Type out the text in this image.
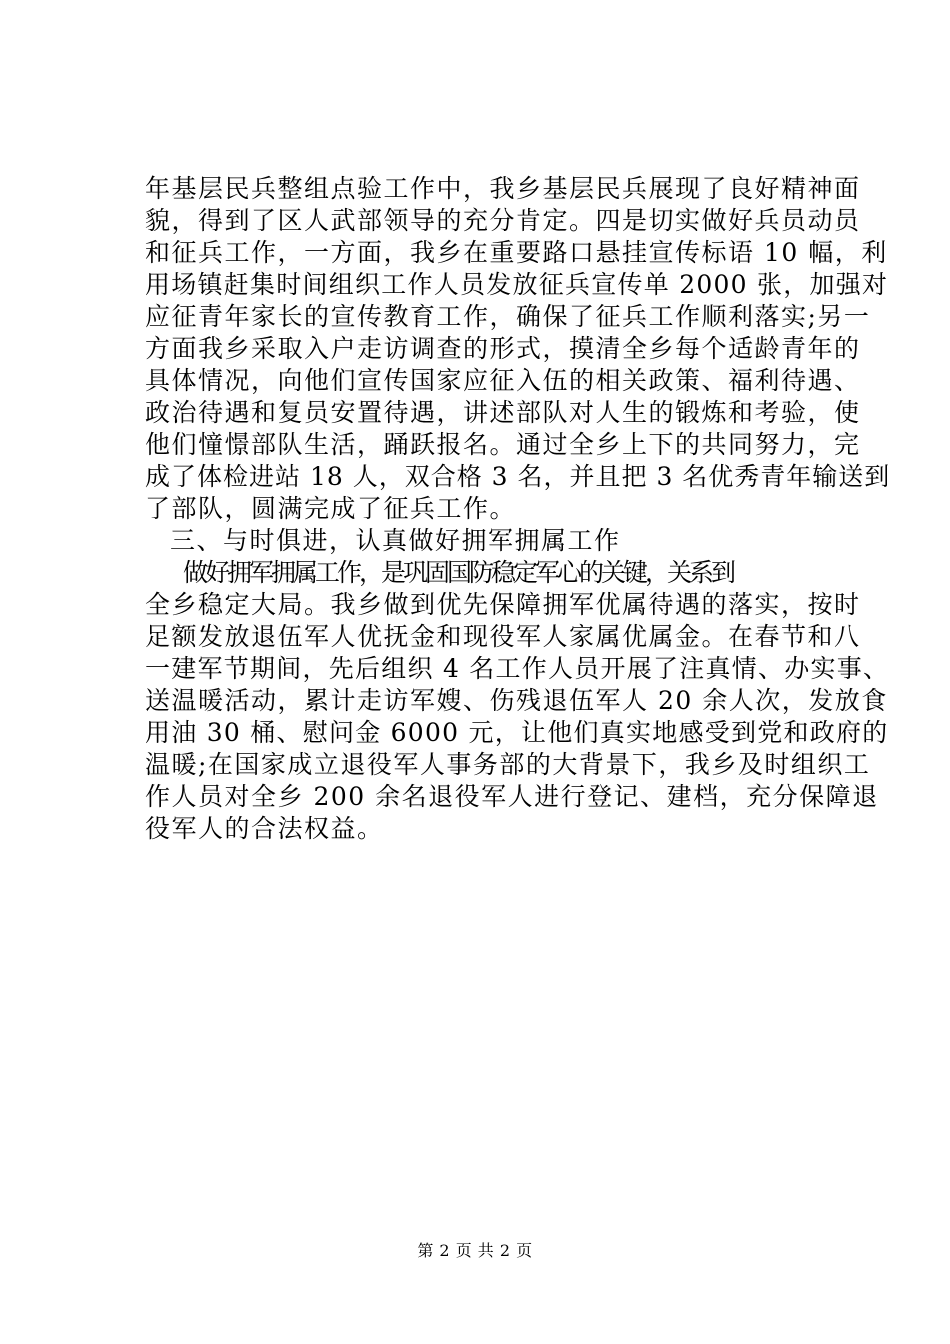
年基层民兵整组点验工作中，我乡基层民兵展现了良好精神面
貌，得到了区人武部领导的充分肯定。四是切实做好兵员动员
和征兵工作，一方面，我乡在重要路口悬挂宣传标语 10 幅，利
用场镇赶集时间组织工作人员发放征兵宣传单 2000 张，加强对
应征青年家长的宣传教育工作，确保了征兵工作顺利落实;另一
方面我乡采取入户走访调查的形式，摸清全乡每个适龄青年的
具体情况，向他们宣传国家应征入伍的相关政策、福利待遇、
政治待遇和复员安置待遇，讲述部队对人生的锻炼和考验，使
他们憧憬部队生活，踊跃报名。通过全乡上下的共同努力，完
成了体检进站 18 人，双合格 3 名，并且把 3 名优秀青年输送到
了部队，圆满完成了征兵工作。
三、与时俱进，认真做好拥军拥属工作
做好拥军拥属工作，是巩固国防稳定军心的关键，关系到
全乡稳定大局。我乡做到优先保障拥军优属待遇的落实，按时
足额发放退伍军人优抚金和现役军人家属优属金。在春节和八
一建军节期间，先后组织 4 名工作人员开展了注真情、办实事、
送温暖活动，累计走访军嫂、伤残退伍军人 20 余人次，发放食
用油 30 桶、慰问金 6000 元，让他们真实地感受到党和政府的
温暖;在国家成立退役军人事务部的大背景下，我乡及时组织工
作人员对全乡 200 余名退役军人进行登记、建档，充分保障退
役军人的合法权益。
第 2 页 共 2 页
